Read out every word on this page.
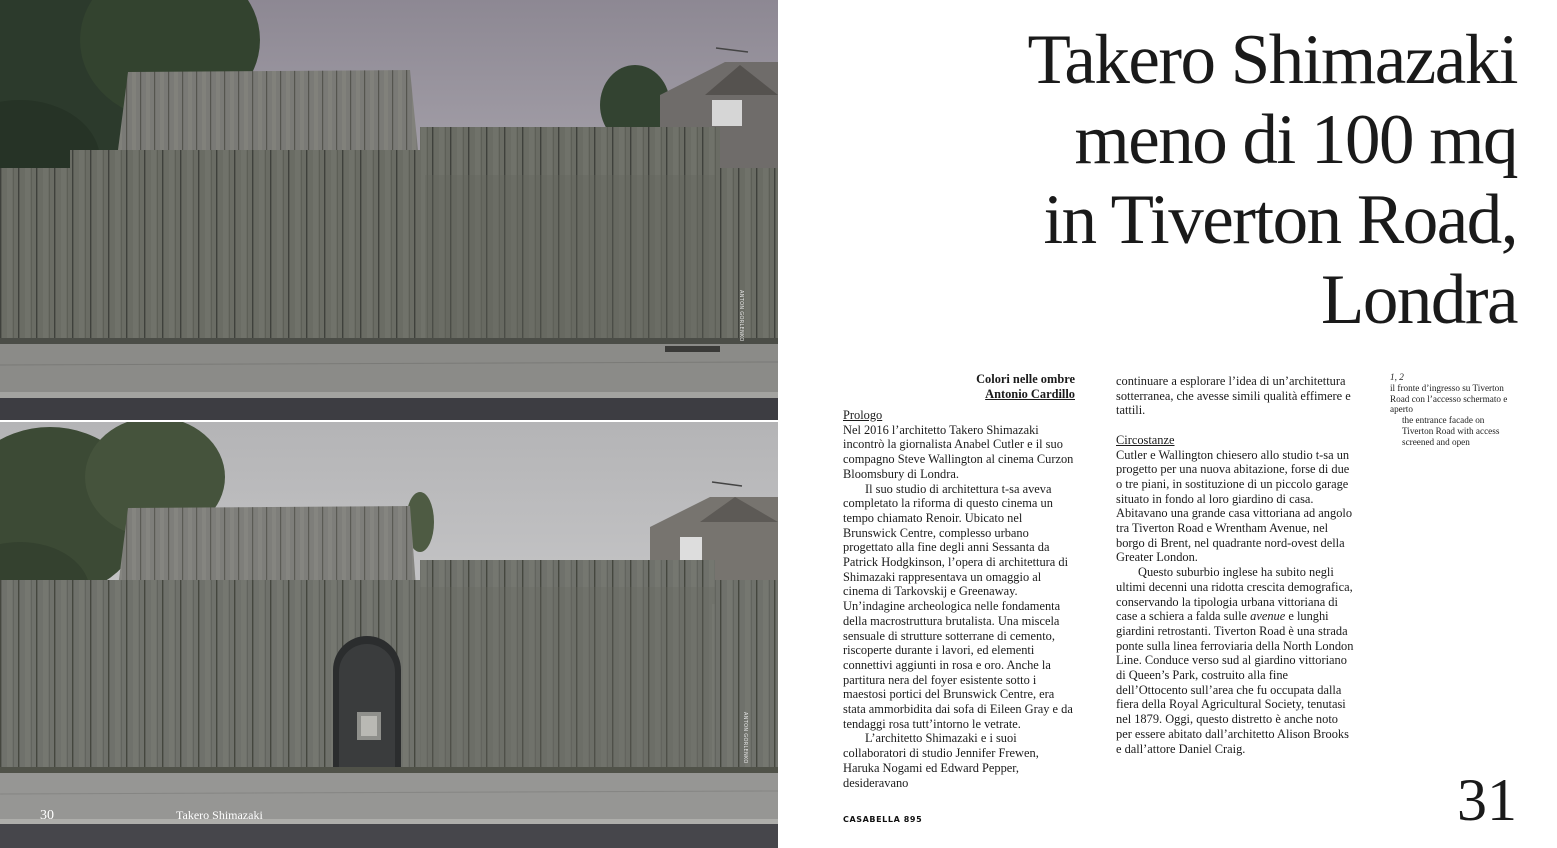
ANTON GORLENKO
ANTON GORLENKO
30	Takero Shimazaki
Takero Shimazaki
meno di 100 mq
in Tiverton Road,
Londra
Colori nelle ombre
Antonio Cardillo

Prologo

Nel 2016 l’architetto Takero Shimazaki incontrò la giornalista Anabel Cutler e il suo compagno Steve Wallington al cinema Curzon Bloomsbury di Londra.

Il suo studio di architettura t-sa aveva completato la riforma di questo cinema un tempo chiamato Renoir. Ubicato nel Brunswick Centre, complesso urbano progettato alla fine degli anni Sessanta da Patrick Hodgkinson, l’opera di architettura di Shimazaki rappresentava un omaggio al cinema di Tarkovskij e Greenaway. Un’indagine archeologica nelle fondamenta della macrostruttura brutalista. Una miscela sensuale di strutture sotterrane di cemento, riscoperte durante i lavori, ed elementi connettivi aggiunti in rosa e oro. Anche la partitura nera del foyer esistente sotto i maestosi portici del Brunswick Centre, era stata ammorbidita dai sofa di Eileen Gray e da tendaggi rosa tutt’intorno le vetrate.

L’architetto Shimazaki e i suoi collaboratori di studio Jennifer Frewen, Haruka Nogami ed Edward Pepper, desideravano

continuare a esplorare l’idea di un’architettura sotterranea, che avesse simili qualità effimere e tattili.

Circostanze

Cutler e Wallington chiesero allo studio t-sa un progetto per una nuova abitazione, forse di due o tre piani, in sostituzione di un piccolo garage situato in fondo al loro giardino di casa. Abitavano una grande casa vittoriana ad angolo tra Tiverton Road e Wrentham Avenue, nel borgo di Brent, nel quadrante nord-ovest della Greater London.

Questo suburbio inglese ha subito negli ultimi decenni una ridotta crescita demografica, conservando la tipologia urbana vittoriana di case a schiera a falda sulle avenue e lunghi giardini retrostanti. Tiverton Road è una strada ponte sulla linea ferroviaria della North London Line. Conduce verso sud al giardino vittoriano di Queen’s Park, costruito alla fine dell’Ottocento sull’area che fu occupata dalla fiera della Royal Agricultural Society, tenutasi nel 1879. Oggi, questo distretto è anche noto per essere abitato dall’architetto Alison Brooks e dall’attore Daniel Craig.

1, 2
il fronte d’ingresso su Tiverton Road con l’accesso schermato e aperto
the entrance facade on Tiverton Road with access screened and open
CASABELLA 895	31
